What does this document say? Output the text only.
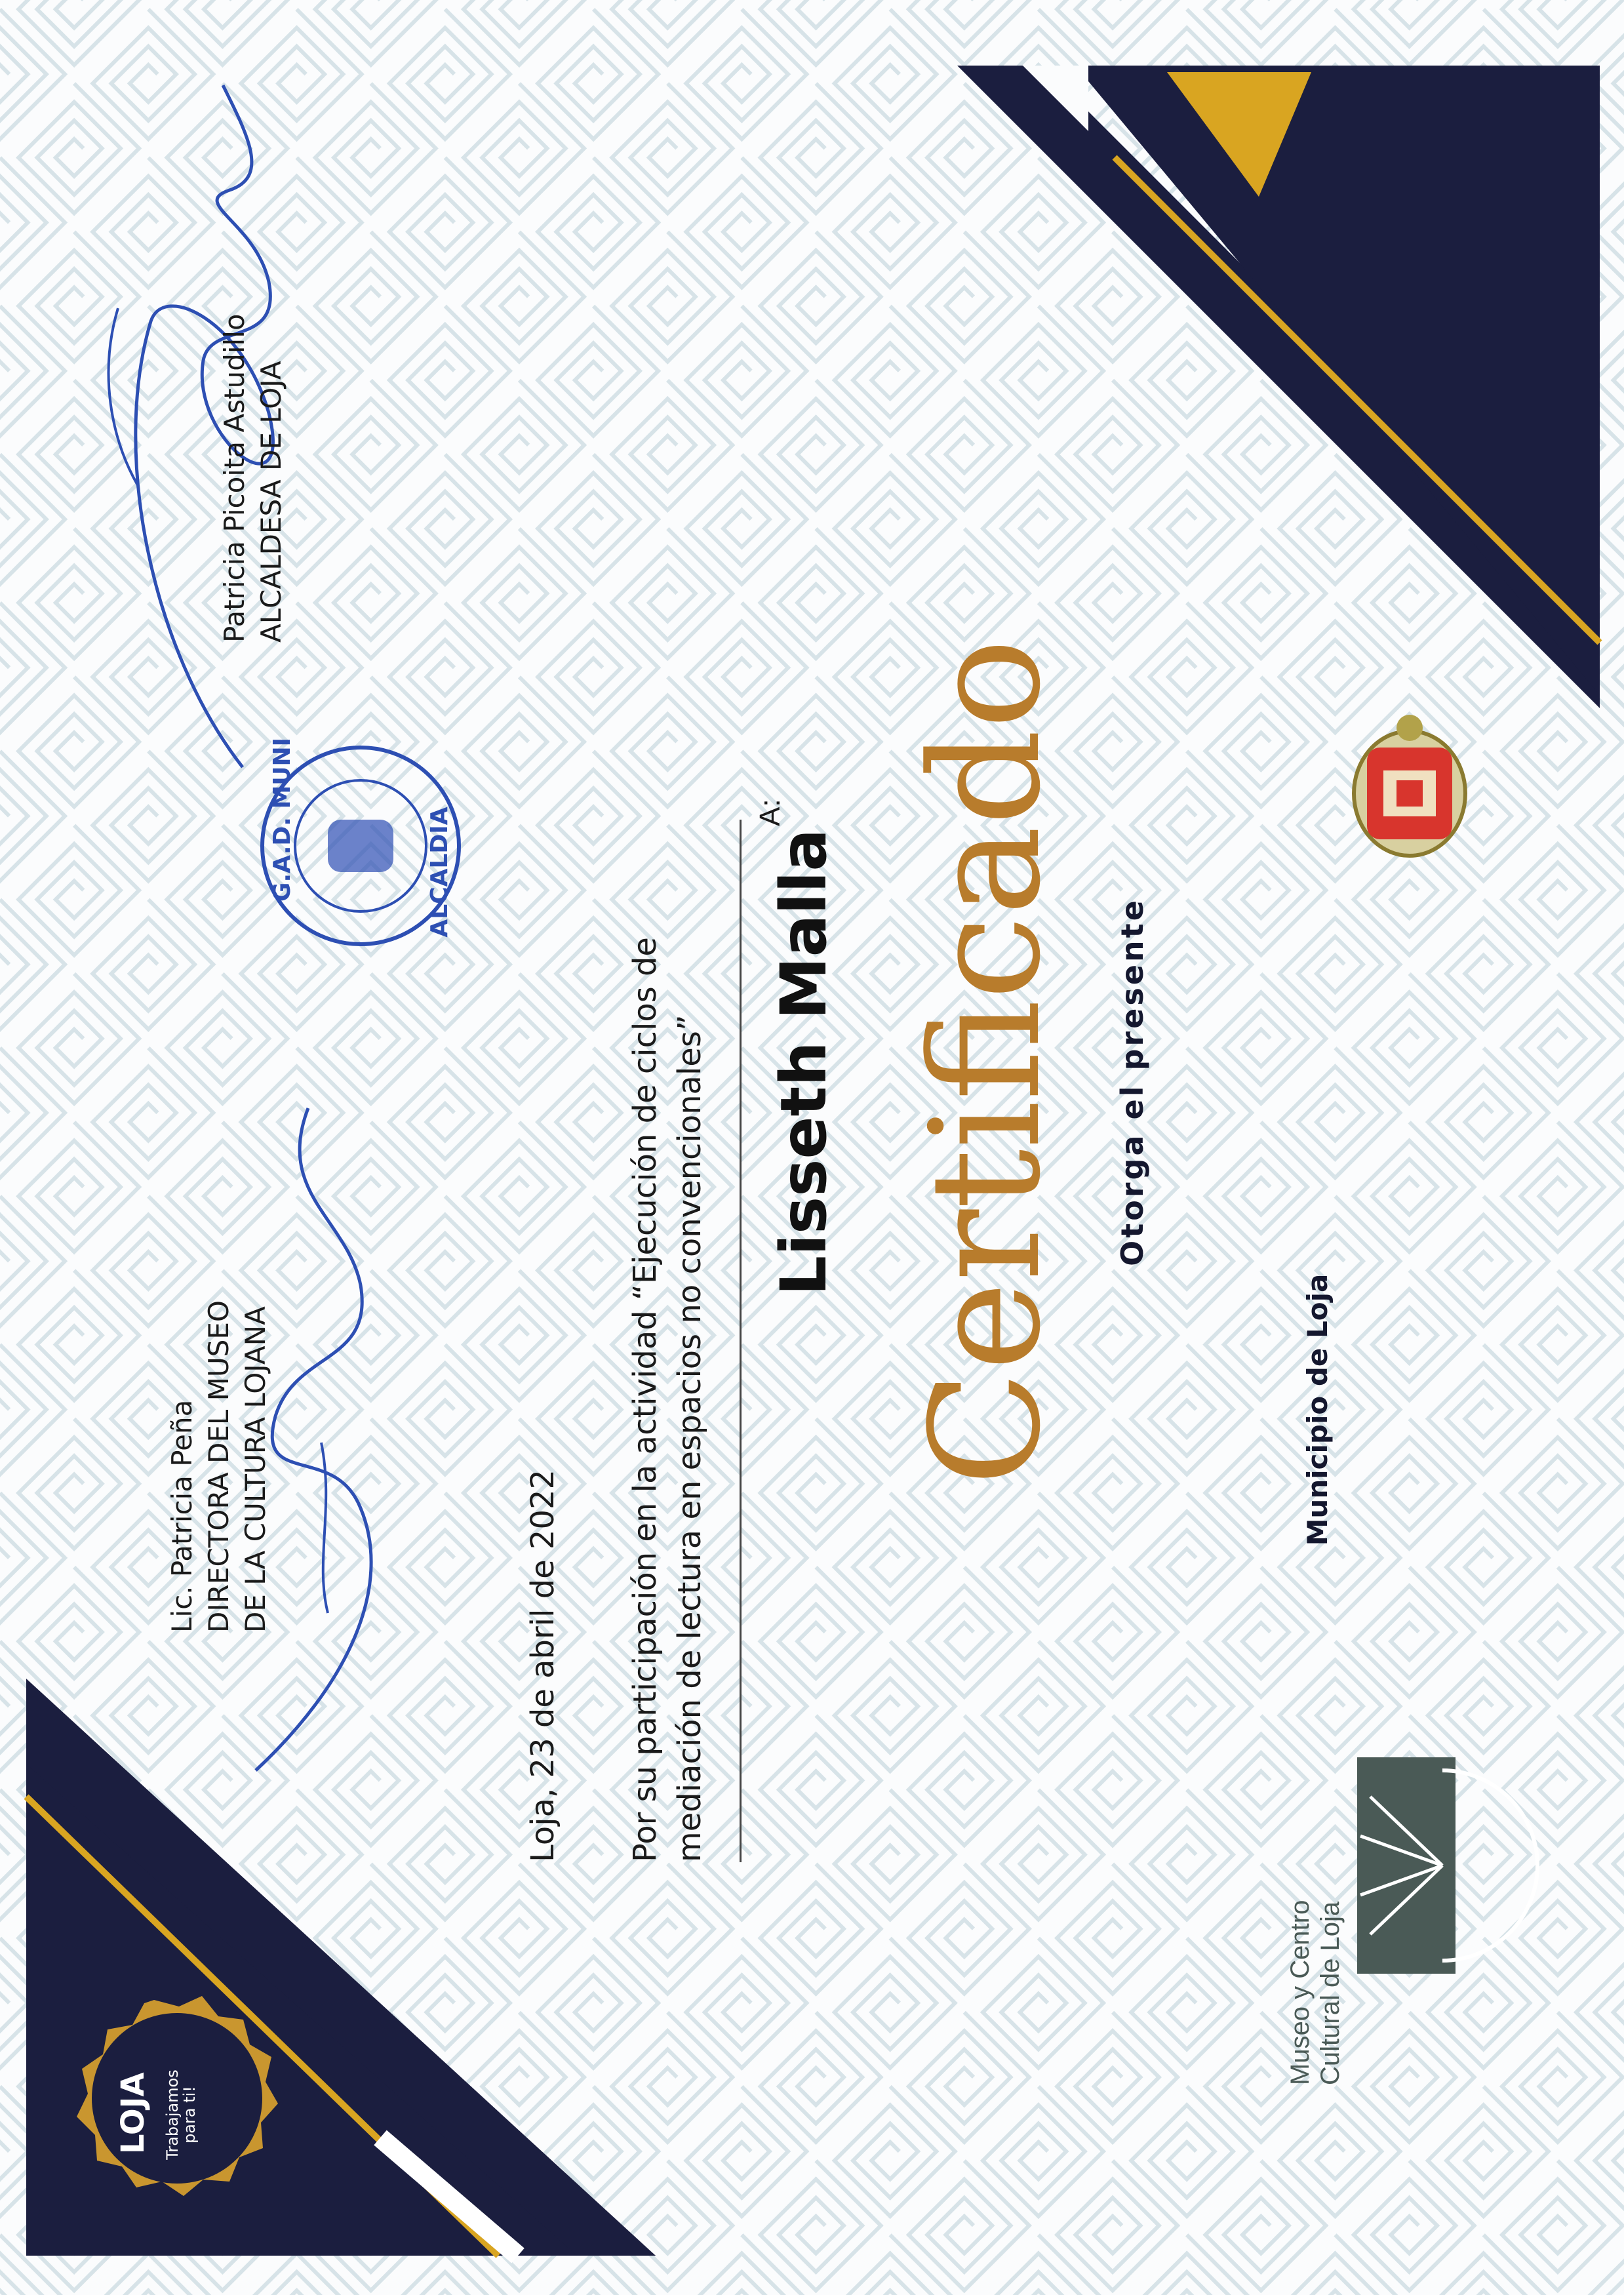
Municipio de Loja
Otorga el presente
Certificado
A:
Lisseth Malla
Por su participación en la actividad “Ejecución de ciclos de mediación de lectura en espacios no convencionales”
Loja, 23 de abril de 2022
Museo y Centro Cultural de Loja
LOJA Trabajamos
para ti!
Patricia Picoita Astudillo ALCALDESA DE LOJA
G.A.D. MUNI	ALCALDIA
Lic. Patricia Peña DIRECTORA DEL MUSEO DE LA CULTURA LOJANA
